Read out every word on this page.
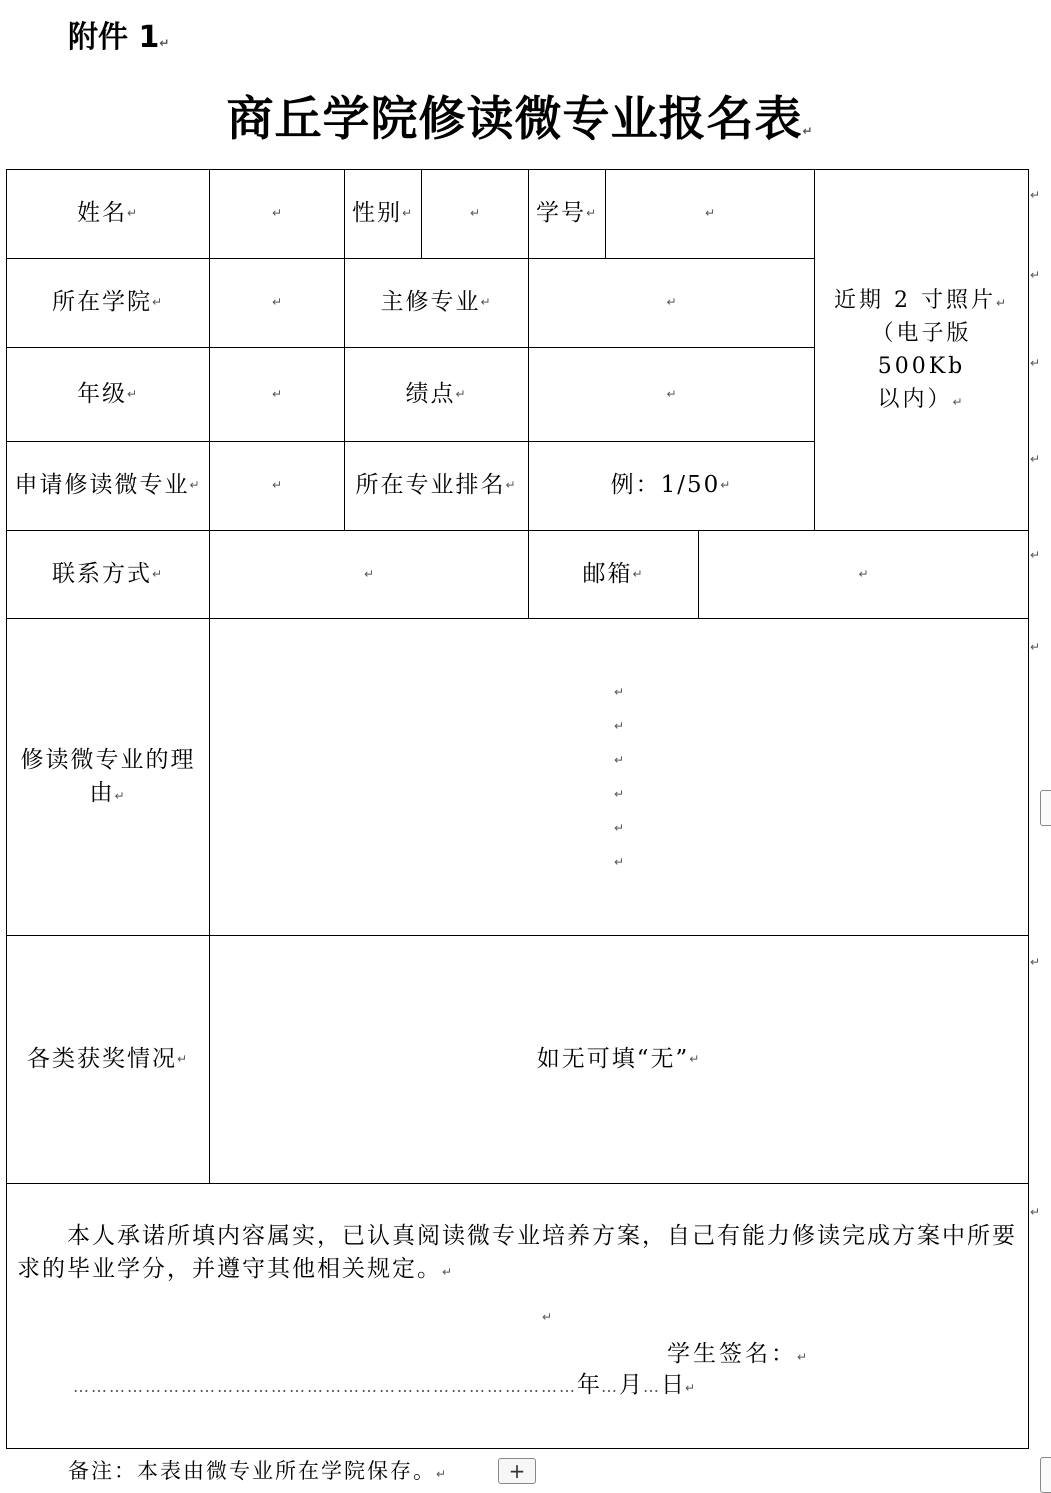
附件 1↵
商丘学院修读微专业报名表↵
姓名 ↵	↵	性别 ↵	↵ 学号 ↵	↵
近期 2 寸照片↵
（电子版 500Kb
以内）↵
所在学院 ↵	↵	主修专业 ↵	↵
年级 ↵	↵	绩点 ↵	↵
申请修读微专业 ↵	↵	所在专业排名 ↵	例：1/50 ↵
联系方式 ↵	↵	邮箱 ↵	↵
修读微专业的理由↵
↵
↵
↵
↵
↵
↵
各类获奖情况 ↵	如无可填“无” ↵
本人承诺所填内容属实，已认真阅读微专业培养方案，自己有能力修读完成方案中所要求的毕业学分，并遵守其他相关规定。↵
↵
学生签名：↵
…………………………………………………………………………年…月…日↵
↵
↵
↵
↵
↵
↵
↵
↵
备注：本表由微专业所在学院保存。↵	+
